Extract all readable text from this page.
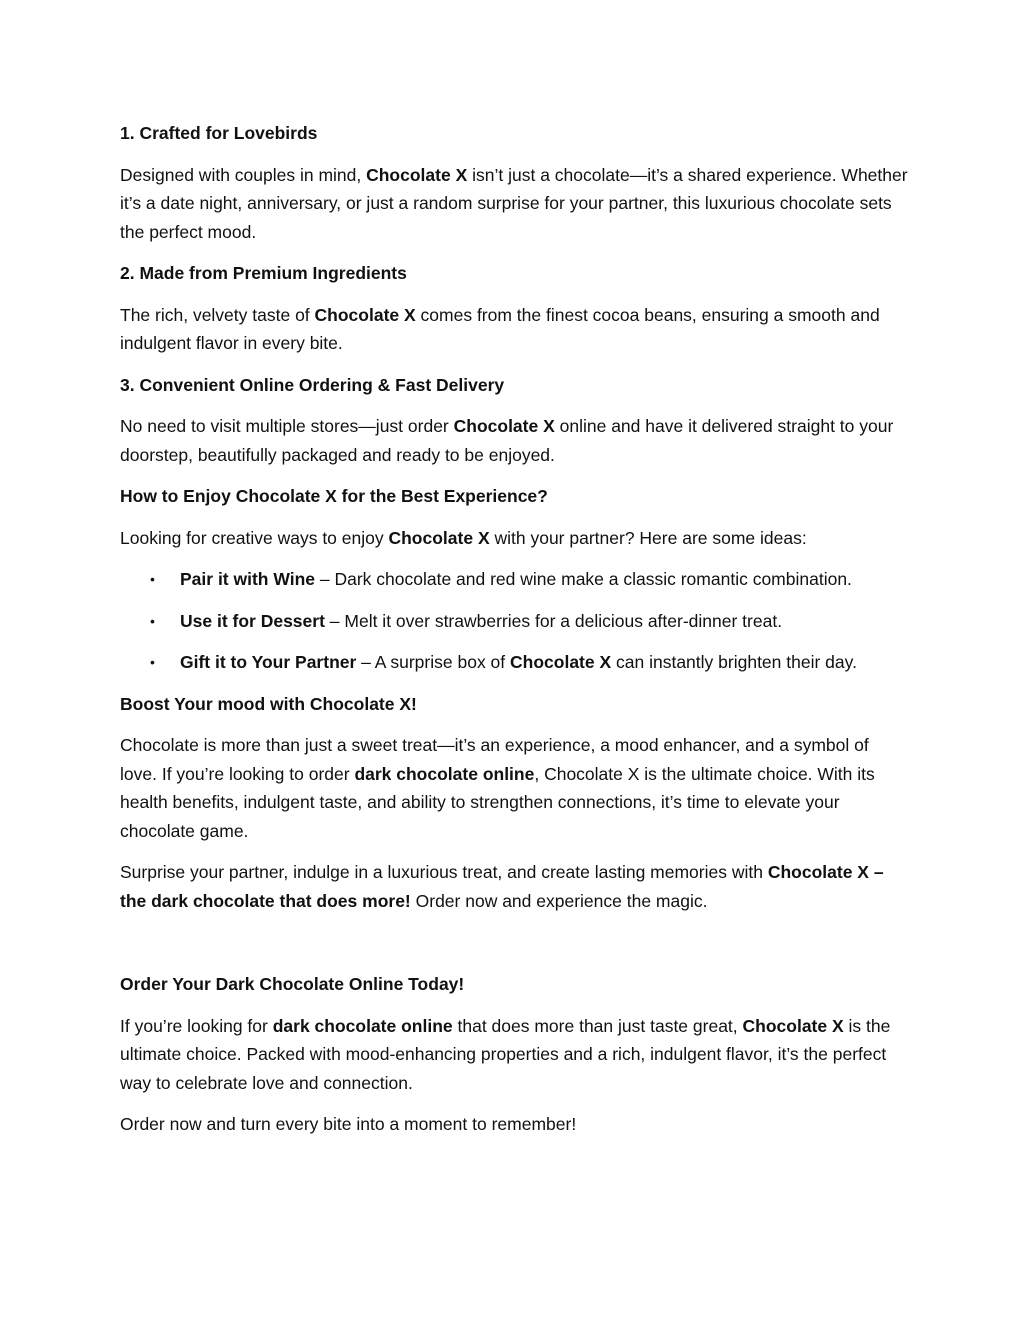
1. Crafted for Lovebirds

Designed with couples in mind, Chocolate X isn’t just a chocolate—it’s a shared experience. Whether it’s a date night, anniversary, or just a random surprise for your partner, this luxurious chocolate sets the perfect mood.

2. Made from Premium Ingredients

The rich, velvety taste of Chocolate X comes from the finest cocoa beans, ensuring a smooth and indulgent flavor in every bite.

3. Convenient Online Ordering & Fast Delivery

No need to visit multiple stores—just order Chocolate X online and have it delivered straight to your doorstep, beautifully packaged and ready to be enjoyed.

How to Enjoy Chocolate X for the Best Experience?

Looking for creative ways to enjoy Chocolate X with your partner? Here are some ideas:

• Pair it with Wine – Dark chocolate and red wine make a classic romantic combination.
• Use it for Dessert – Melt it over strawberries for a delicious after-dinner treat.
• Gift it to Your Partner – A surprise box of Chocolate X can instantly brighten their day.
Boost Your mood with Chocolate X!

Chocolate is more than just a sweet treat—it’s an experience, a mood enhancer, and a symbol of love. If you’re looking to order dark chocolate online, Chocolate X is the ultimate choice. With its health benefits, indulgent taste, and ability to strengthen connections, it’s time to elevate your chocolate game.

Surprise your partner, indulge in a luxurious treat, and create lasting memories with Chocolate X – the dark chocolate that does more! Order now and experience the magic.

Order Your Dark Chocolate Online Today!

If you’re looking for dark chocolate online that does more than just taste great, Chocolate X is the ultimate choice. Packed with mood-enhancing properties and a rich, indulgent flavor, it’s the perfect way to celebrate love and connection.

Order now and turn every bite into a moment to remember!
